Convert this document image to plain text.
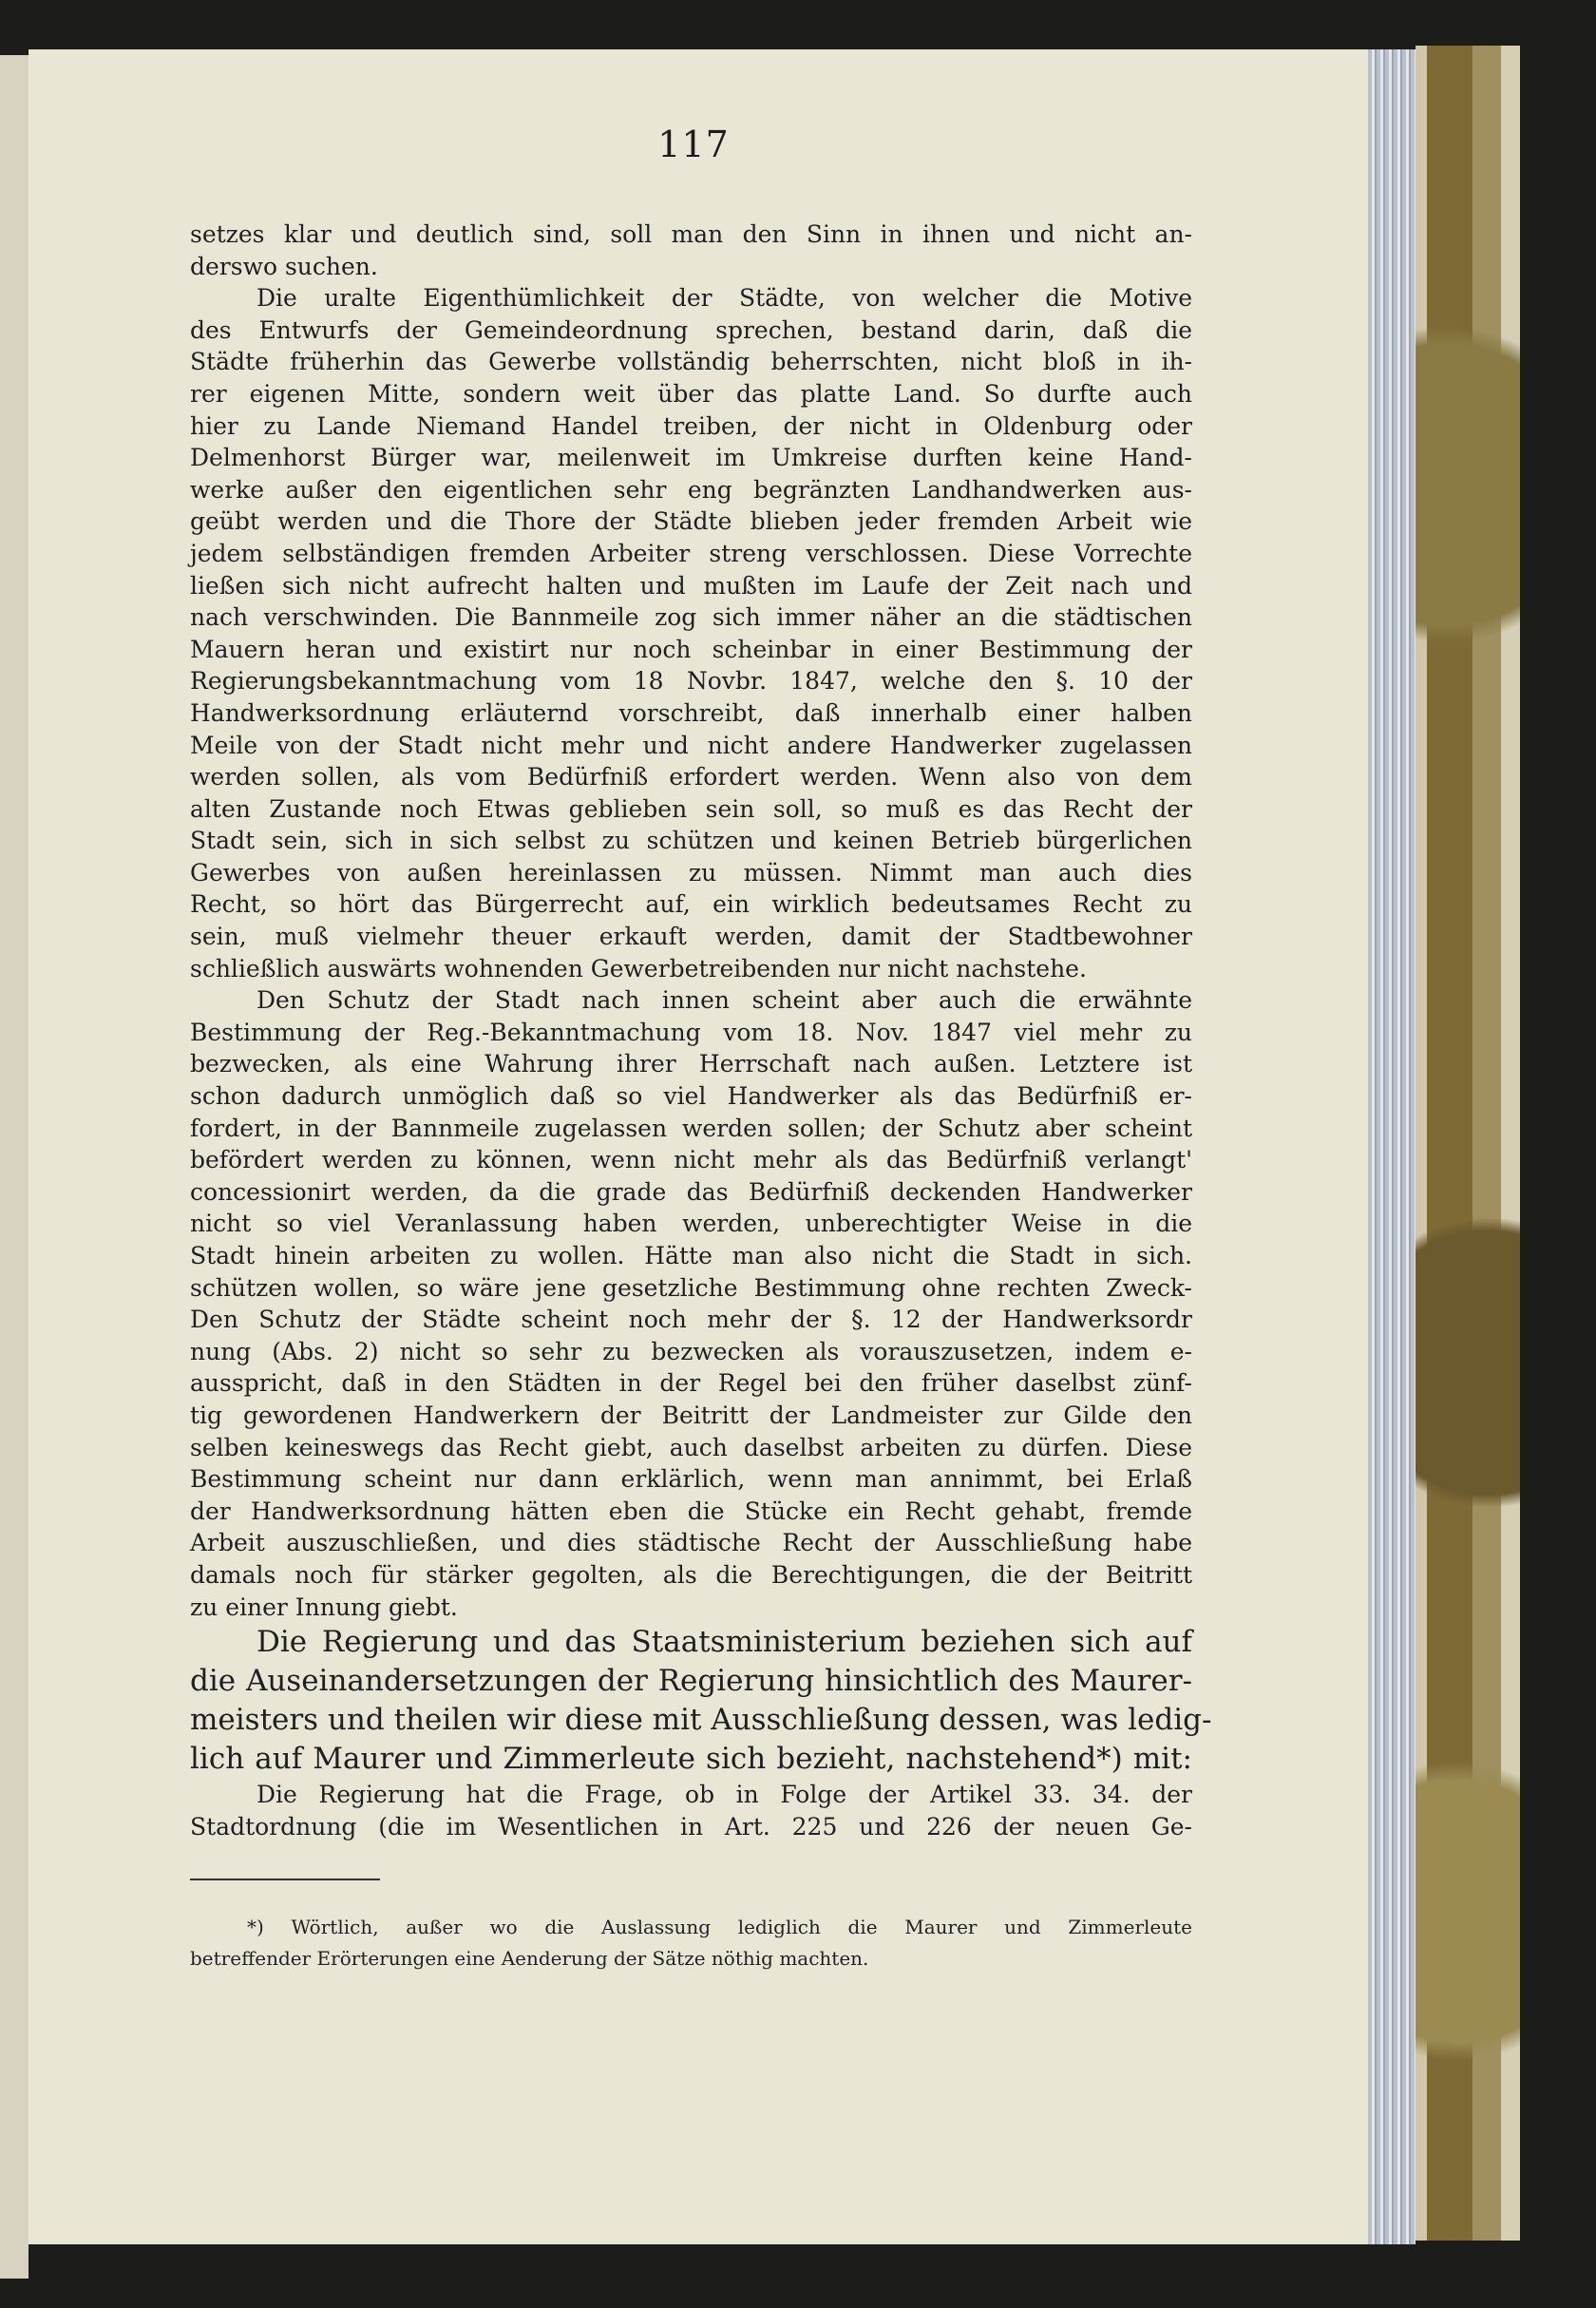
117
setzes klar und deutlich sind, soll man den Sinn in ihnen und nicht an-
derswo suchen.
Die uralte Eigenthümlichkeit der Städte, von welcher die Motive
des Entwurfs der Gemeindeordnung sprechen, bestand darin, daß die
Städte früherhin das Gewerbe vollständig beherrschten, nicht bloß in ih-
rer eigenen Mitte, sondern weit über das platte Land. So durfte auch
hier zu Lande Niemand Handel treiben, der nicht in Oldenburg oder
Delmenhorst Bürger war, meilenweit im Umkreise durften keine Hand-
werke außer den eigentlichen sehr eng begränzten Landhandwerken aus-
geübt werden und die Thore der Städte blieben jeder fremden Arbeit wie
jedem selbständigen fremden Arbeiter streng verschlossen. Diese Vorrechte
ließen sich nicht aufrecht halten und mußten im Laufe der Zeit nach und
nach verschwinden. Die Bannmeile zog sich immer näher an die städtischen
Mauern heran und existirt nur noch scheinbar in einer Bestimmung der
Regierungsbekanntmachung vom 18 Novbr. 1847, welche den §. 10 der
Handwerksordnung erläuternd vorschreibt, daß innerhalb einer halben
Meile von der Stadt nicht mehr und nicht andere Handwerker zugelassen
werden sollen, als vom Bedürfniß erfordert werden. Wenn also von dem
alten Zustande noch Etwas geblieben sein soll, so muß es das Recht der
Stadt sein, sich in sich selbst zu schützen und keinen Betrieb bürgerlichen
Gewerbes von außen hereinlassen zu müssen. Nimmt man auch dies
Recht, so hört das Bürgerrecht auf, ein wirklich bedeutsames Recht zu
sein, muß vielmehr theuer erkauft werden, damit der Stadtbewohner
schließlich auswärts wohnenden Gewerbetreibenden nur nicht nachstehe.
Den Schutz der Stadt nach innen scheint aber auch die erwähnte
Bestimmung der Reg.-Bekanntmachung vom 18. Nov. 1847 viel mehr zu
bezwecken, als eine Wahrung ihrer Herrschaft nach außen. Letztere ist
schon dadurch unmöglich daß so viel Handwerker als das Bedürfniß er-
fordert, in der Bannmeile zugelassen werden sollen; der Schutz aber scheint
befördert werden zu können, wenn nicht mehr als das Bedürfniß verlangt'
concessionirt werden, da die grade das Bedürfniß deckenden Handwerker
nicht so viel Veranlassung haben werden, unberechtigter Weise in die
Stadt hinein arbeiten zu wollen. Hätte man also nicht die Stadt in sich.
schützen wollen, so wäre jene gesetzliche Bestimmung ohne rechten Zweck-
Den Schutz der Städte scheint noch mehr der §. 12 der Handwerksordr
nung (Abs. 2) nicht so sehr zu bezwecken als vorauszusetzen, indem e-
ausspricht, daß in den Städten in der Regel bei den früher daselbst zünf-
tig gewordenen Handwerkern der Beitritt der Landmeister zur Gilde den
selben keineswegs das Recht giebt, auch daselbst arbeiten zu dürfen. Diese
Bestimmung scheint nur dann erklärlich, wenn man annimmt, bei Erlaß
der Handwerksordnung hätten eben die Stücke ein Recht gehabt, fremde
Arbeit auszuschließen, und dies städtische Recht der Ausschließung habe
damals noch für stärker gegolten, als die Berechtigungen, die der Beitritt
zu einer Innung giebt.
Die Regierung und das Staatsministerium beziehen sich auf
die Auseinandersetzungen der Regierung hinsichtlich des Maurer-
meisters und theilen wir diese mit Ausschließung dessen, was ledig-
lich auf Maurer und Zimmerleute sich bezieht, nachstehend*) mit:
Die Regierung hat die Frage, ob in Folge der Artikel 33. 34. der
Stadtordnung (die im Wesentlichen in Art. 225 und 226 der neuen Ge-
*) Wörtlich, außer wo die Auslassung lediglich die Maurer und Zimmerleute
betreffender Erörterungen eine Aenderung der Sätze nöthig machten.
